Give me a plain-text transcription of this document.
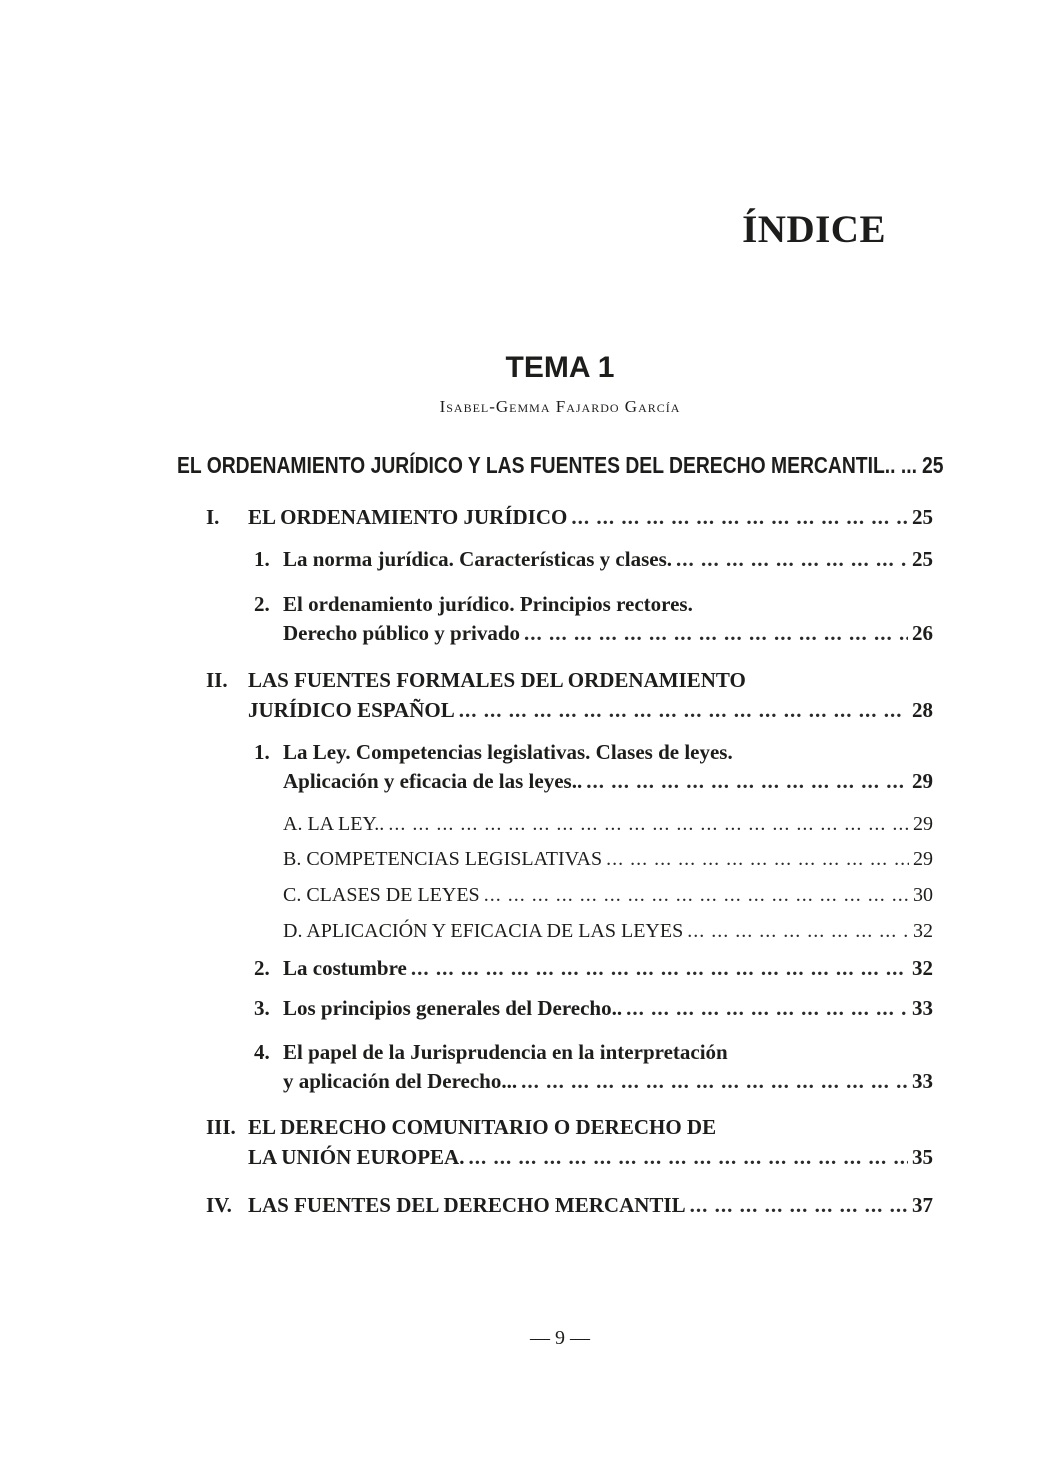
ÍNDICE
TEMA 1
Isabel-Gemma Fajardo García
EL ORDENAMIENTO JURÍDICO Y LAS FUENTES DEL DERECHO MERCANTIL.. ... 25
I. EL ORDENAMIENTO JURÍDICO ... .	25
1. La norma jurídica. Características y clases. ... .	25
2. El ordenamiento jurídico. Principios rectores.
Derecho público y privado ... .	26
II. LAS FUENTES FORMALES DEL ORDENAMIENTO
JURÍDICO ESPAÑOL ... .	28
1. La Ley. Competencias legislativas. Clases de leyes.
Aplicación y eficacia de las leyes.. ... .	29
A. LA LEY.. ... .	29
B. COMPETENCIAS LEGISLATIVAS ... .	29
C. CLASES DE LEYES ... .	30
D. APLICACIÓN Y EFICACIA DE LAS LEYES ... .	32
2. La costumbre ... .	32
3. Los principios generales del Derecho.. ... .	33
4. El papel de la Jurisprudencia en la interpretación
y aplicación del Derecho... ... .	33
III. EL DERECHO COMUNITARIO O DERECHO DE
LA UNIÓN EUROPEA. ... .	35
IV. LAS FUENTES DEL DERECHO MERCANTIL ... .	37
— 9 —
